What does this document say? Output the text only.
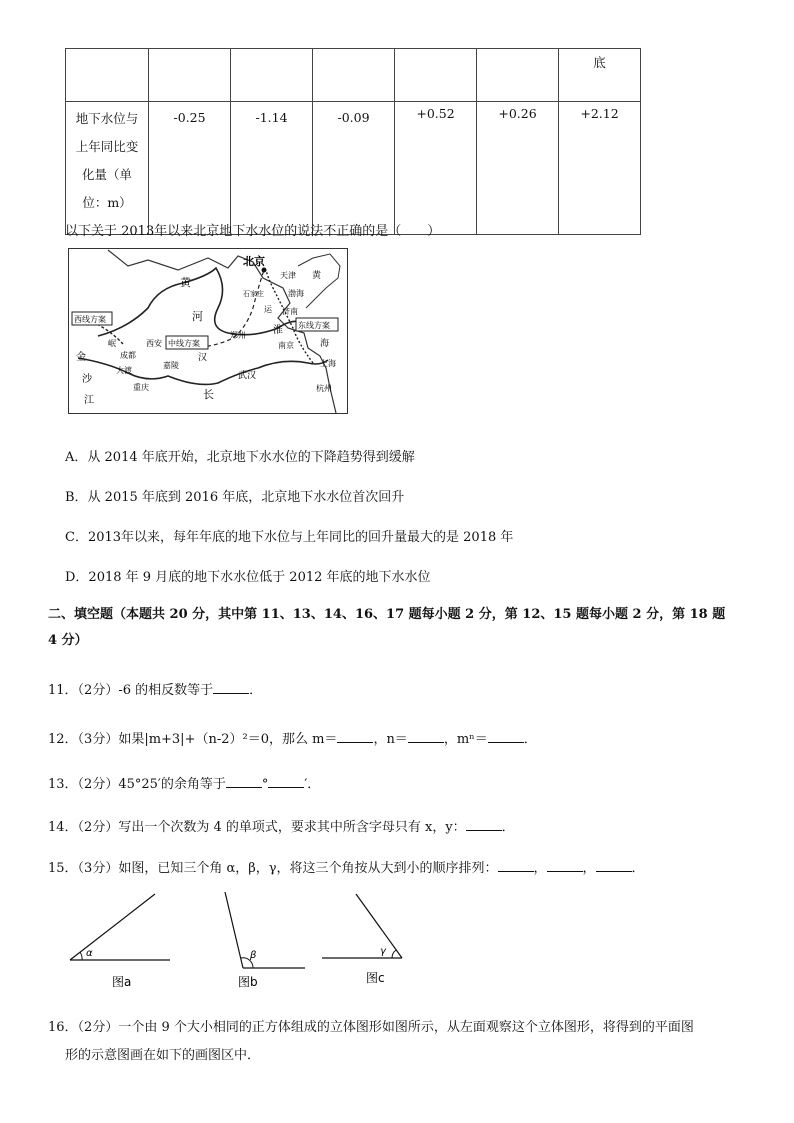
						底

地下水位与
上年同比变
化量（单
位：m）	-0.25	-1.14	-0.09	+0.52	+0.26	+2.12
以下关于 2013年以来北京地下水水位的说法不正确的是（　　）
北京
天津
渤海
石家庄
济南
西线方案
东线方案
中线方案
黄
西安
郑州
南京
上海
杭州
武汉
成都
重庆
金
沙
江	长
河
汉
淮
大渡
岷
嘉陵
运
黄
海
A．从 2014 年底开始，北京地下水水位的下降趋势得到缓解
B．从 2015 年底到 2016 年底，北京地下水水位首次回升
C．2013年以来，每年年底的地下水位与上年同比的回升量最大的是 2018 年
D．2018 年 9 月底的地下水水位低于 2012 年底的地下水水位
二、填空题（本题共 20 分，其中第 11、13、14、16、17 题每小题 2 分，第 12、15 题每小题 2 分，第 18 题 4 分）
11．（2分）-6 的相反数等于	．
12．（3分）如果|m+3|+（n-2）²＝0，那么 m＝	，n＝	，mⁿ＝	．
13．（2分）45°25′的余角等于	°	′．
14．（2分）写出一个次数为 4 的单项式，要求其中所含字母只有 x，y：	．
15．（3分）如图，已知三个角 α，β，γ，将这三个角按从大到小的顺序排列：	，	，	．
α
图a
β
图b
γ
图c
16．（2分）一个由 9 个大小相同的正方体组成的立体图形如图所示，从左面观察这个立体图形，将得到的平面图
形的示意图画在如下的画图区中．
